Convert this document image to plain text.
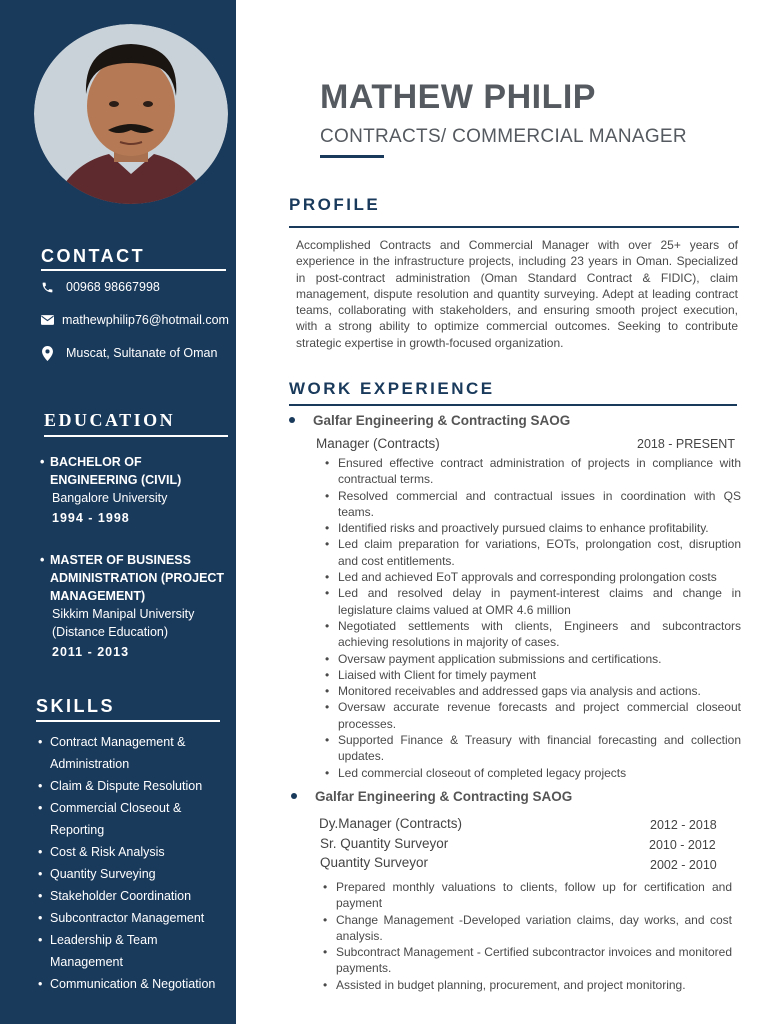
CONTACT
00968 98667998
mathewphilip76@hotmail.com
Muscat, Sultanate of Oman
EDUCATION
• BACHELOR OF ENGINEERING (CIVIL)
Bangalore University
1994 - 1998
• MASTER OF BUSINESS ADMINISTRATION (PROJECT MANAGEMENT)
Sikkim Manipal University (Distance Education)
2011 - 2013
SKILLS
• Contract Management & Administration
• Claim & Dispute Resolution
• Commercial Closeout & Reporting
• Cost & Risk Analysis
• Quantity Surveying
• Stakeholder Coordination
• Subcontractor Management
• Leadership & Team Management
• Communication & Negotiation
MATHEW PHILIP
CONTRACTS/ COMMERCIAL MANAGER
PROFILE
Accomplished Contracts and Commercial Manager with over 25+ years of experience in the infrastructure projects, including 23 years in Oman. Specialized in post-contract administration (Oman Standard Contract & FIDIC), claim management, dispute resolution and quantity surveying. Adept at leading contract teams, collaborating with stakeholders, and ensuring smooth project execution, with a strong ability to optimize commercial outcomes. Seeking to contribute strategic expertise in growth-focused organization.
WORK EXPERIENCE
Galfar Engineering & Contracting SAOG
Manager (Contracts)	2018 - PRESENT
• Ensured effective contract administration of projects in compliance with contractual terms.
• Resolved commercial and contractual issues in coordination with QS teams.
• Identified risks and proactively pursued claims to enhance profitability.
• Led claim preparation for variations, EOTs, prolongation cost, disruption and cost entitlements.
• Led and achieved EoT approvals and corresponding prolongation costs
• Led and resolved delay in payment-interest claims and change in legislature claims valued at OMR 4.6 million
• Negotiated settlements with clients, Engineers and subcontractors achieving resolutions in majority of cases.
• Oversaw payment application submissions and certifications.
• Liaised with Client for timely payment
• Monitored receivables and addressed gaps via analysis and actions.
• Oversaw accurate revenue forecasts and project commercial closeout processes.
• Supported Finance & Treasury with financial forecasting and collection updates.
• Led commercial closeout of completed legacy projects
Galfar Engineering & Contracting SAOG
Dy.Manager (Contracts)	2012 - 2018
Sr. Quantity Surveyor	2010 - 2012
Quantity Surveyor	2002 - 2010
• Prepared monthly valuations to clients, follow up for certification and payment
• Change Management -Developed variation claims, day works, and cost analysis.
• Subcontract Management - Certified subcontractor invoices and monitored payments.
• Assisted in budget planning, procurement, and project monitoring.
